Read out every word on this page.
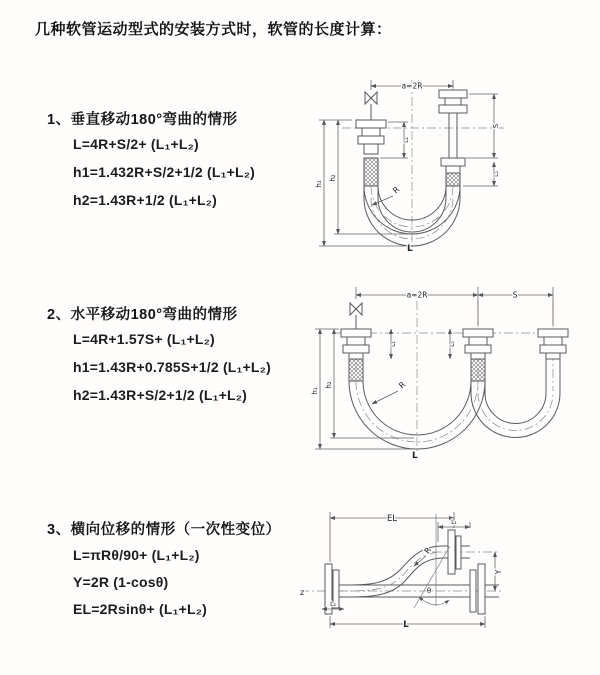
几种软管运动型式的安装方式时，软管的长度计算：
1、垂直移动180°弯曲的情形
L=4R+S/2+ (L₁+L₂)
h1=1.432R+S/2+1/2 (L₁+L₂)
h2=1.43R+1/2 (L₁+L₂)
2、水平移动180°弯曲的情形
L=4R+1.57S+ (L₁+L₂)
h1=1.43R+0.785S+1/2 (L₁+L₂)
h2=1.43R+S/2+1/2 (L₁+L₂)
3、横向位移的情形（一次性变位）
L=πRθ/90+ (L₁+L₂)
Y=2R (1-cosθ)
EL=2Rsinθ+ (L₁+L₂)
a=2R
h₁
h₂
S
L₂
L₁
R
L
a=2R	S
h₁
h₂
L₁	L₂
R
L
z
EL	L₁
θ
R
Y
L₂
L
